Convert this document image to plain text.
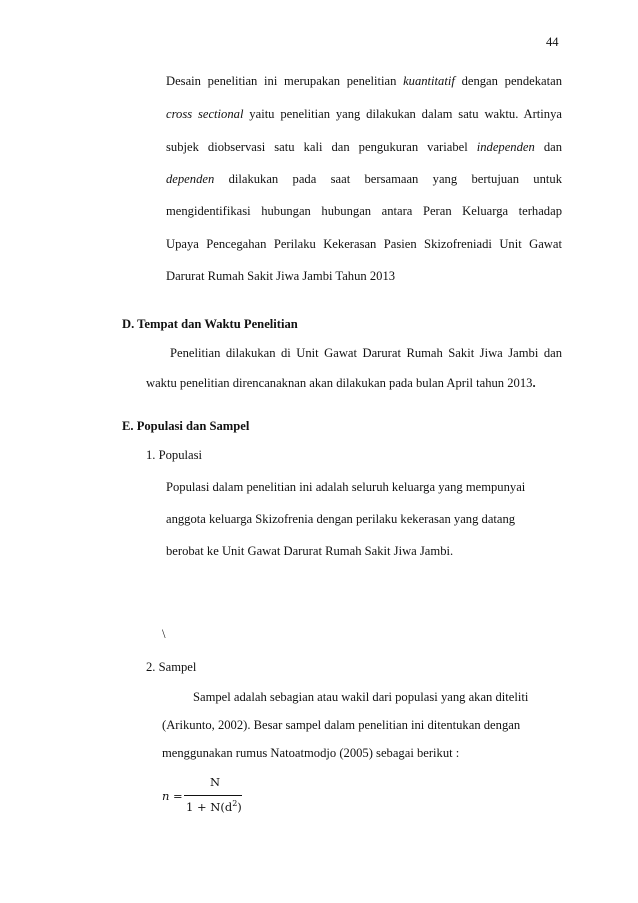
44
Desain penelitian ini merupakan penelitian kuantitatif dengan pendekatan
cross sectional yaitu penelitian yang dilakukan dalam satu waktu. Artinya
subjek diobservasi satu kali dan pengukuran variabel independen dan
dependen dilakukan pada saat bersamaan yang bertujuan untuk
mengidentifikasi hubungan hubungan antara Peran Keluarga terhadap
Upaya Pencegahan Perilaku Kekerasan Pasien Skizofreniadi Unit Gawat
Darurat Rumah Sakit Jiwa Jambi Tahun 2013
D. Tempat dan Waktu Penelitian
Penelitian dilakukan di Unit Gawat Darurat Rumah Sakit Jiwa Jambi dan
waktu penelitian direncanaknan akan dilakukan pada bulan April tahun 2013.
E. Populasi dan Sampel
1. Populasi
Populasi dalam penelitian ini adalah seluruh keluarga yang mempunyai
anggota keluarga Skizofrenia dengan perilaku kekerasan yang datang
berobat ke Unit Gawat Darurat Rumah Sakit Jiwa Jambi.
\
2. Sampel
Sampel adalah sebagian atau wakil dari populasi yang akan diteliti
(Arikunto, 2002). Besar sampel dalam penelitian ini ditentukan dengan
menggunakan rumus Natoatmodjo (2005) sebagai berikut :
n =
N
$1 + N(d^2)$
